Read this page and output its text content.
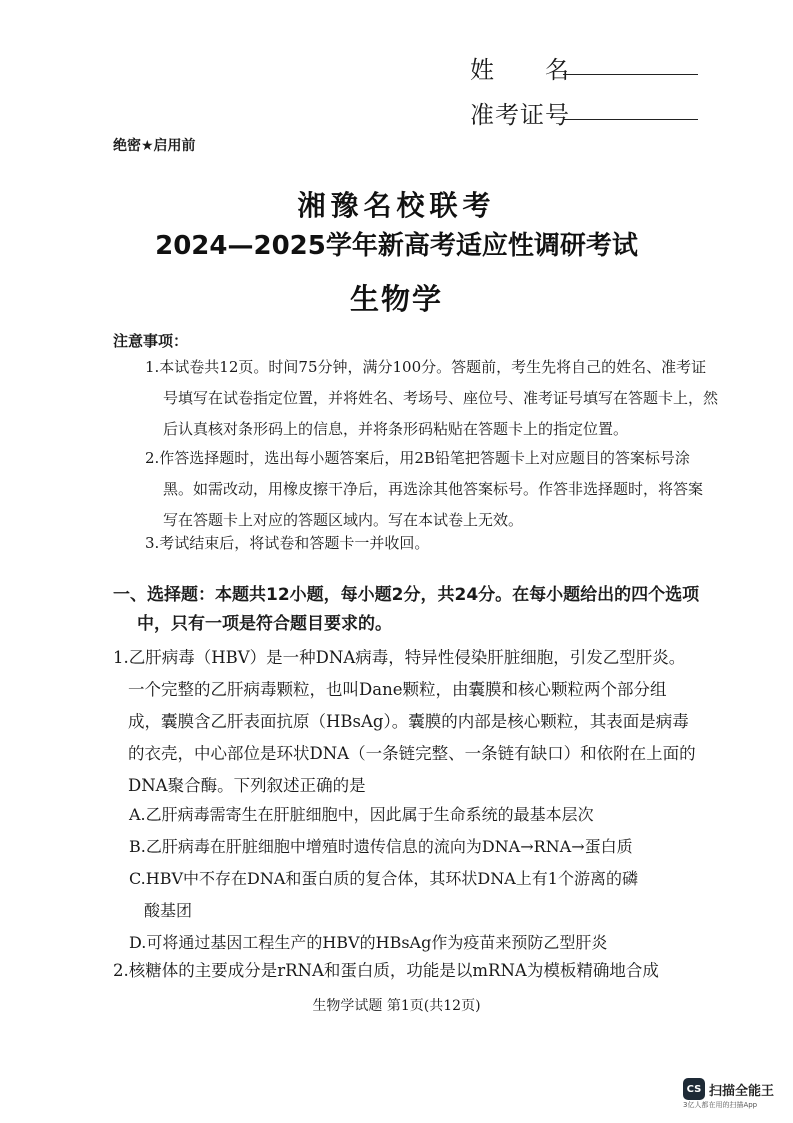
姓　　名
准考证号
绝密★启用前
湘豫名校联考
2024—2025学年新高考适应性调研考试
生物学
注意事项：
1.本试卷共12页。时间75分钟，满分100分。答题前，考生先将自己的姓名、准考证
号填写在试卷指定位置，并将姓名、考场号、座位号、准考证号填写在答题卡上，然
后认真核对条形码上的信息，并将条形码粘贴在答题卡上的指定位置。
2.作答选择题时，选出每小题答案后，用2B铅笔把答题卡上对应题目的答案标号涂
黑。如需改动，用橡皮擦干净后，再选涂其他答案标号。作答非选择题时，将答案
写在答题卡上对应的答题区域内。写在本试卷上无效。
3.考试结束后，将试卷和答题卡一并收回。
一、选择题：本题共12小题，每小题2分，共24分。在每小题给出的四个选项
中，只有一项是符合题目要求的。
1.乙肝病毒（HBV）是一种DNA病毒，特异性侵染肝脏细胞，引发乙型肝炎。
一个完整的乙肝病毒颗粒，也叫Dane颗粒，由囊膜和核心颗粒两个部分组
成，囊膜含乙肝表面抗原（HBsAg）。囊膜的内部是核心颗粒，其表面是病毒
的衣壳，中心部位是环状DNA（一条链完整、一条链有缺口）和依附在上面的
DNA聚合酶。下列叙述正确的是
A.乙肝病毒需寄生在肝脏细胞中，因此属于生命系统的最基本层次
B.乙肝病毒在肝脏细胞中增殖时遗传信息的流向为DNA→RNA→蛋白质
C.HBV中不存在DNA和蛋白质的复合体，其环状DNA上有1个游离的磷
酸基团
D.可将通过基因工程生产的HBV的HBsAg作为疫苗来预防乙型肝炎
2.核糖体的主要成分是rRNA和蛋白质，功能是以mRNA为模板精确地合成
生物学试题 第1页(共12页)
CS 扫描全能王
3亿人都在用的扫描App
